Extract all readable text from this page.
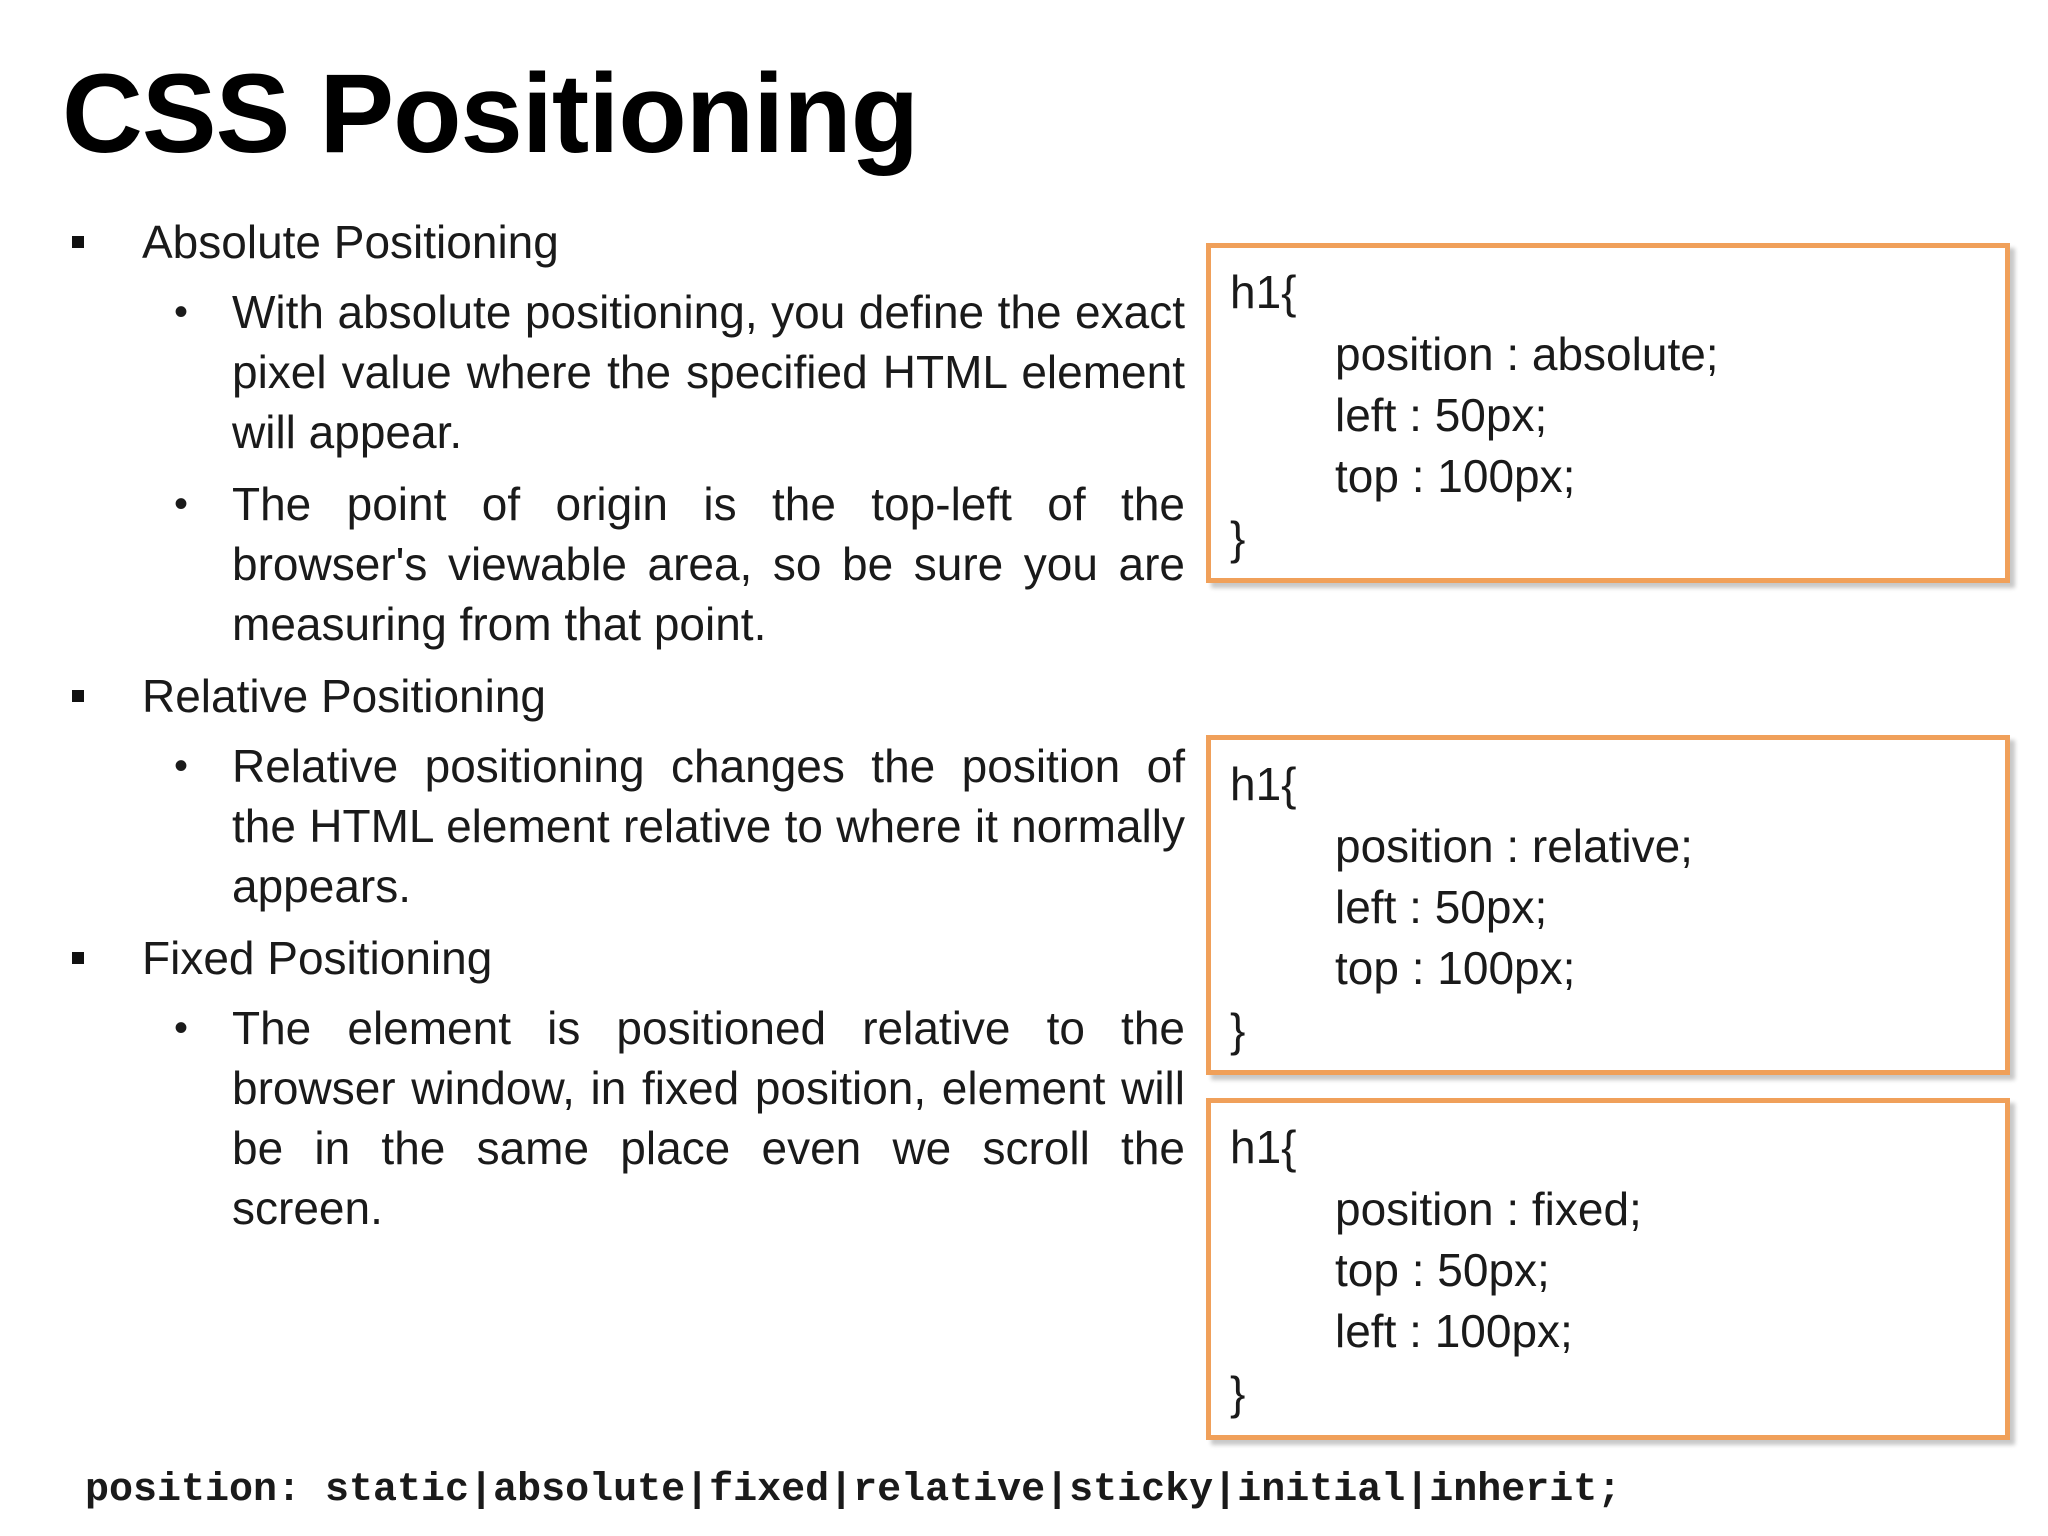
CSS Positioning
Absolute Positioning
• With absolute positioning, you define the exact pixel value where the specified HTML element will appear.
• The point of origin is the top-left of the browser's viewable area, so be sure you are measuring from that point.
Relative Positioning
• Relative positioning changes the position of the HTML element relative to where it normally appears.
Fixed Positioning
• The element is positioned relative to the browser window, in fixed position, element will be in the same place even we scroll the screen.
h1{
position : absolute;
left : 50px;
top : 100px;
}
h1{
position : relative;
left : 50px;
top : 100px;
}
h1{
position : fixed;
top : 50px;
left : 100px;
}
position: static|absolute|fixed|relative|sticky|initial|inherit;
